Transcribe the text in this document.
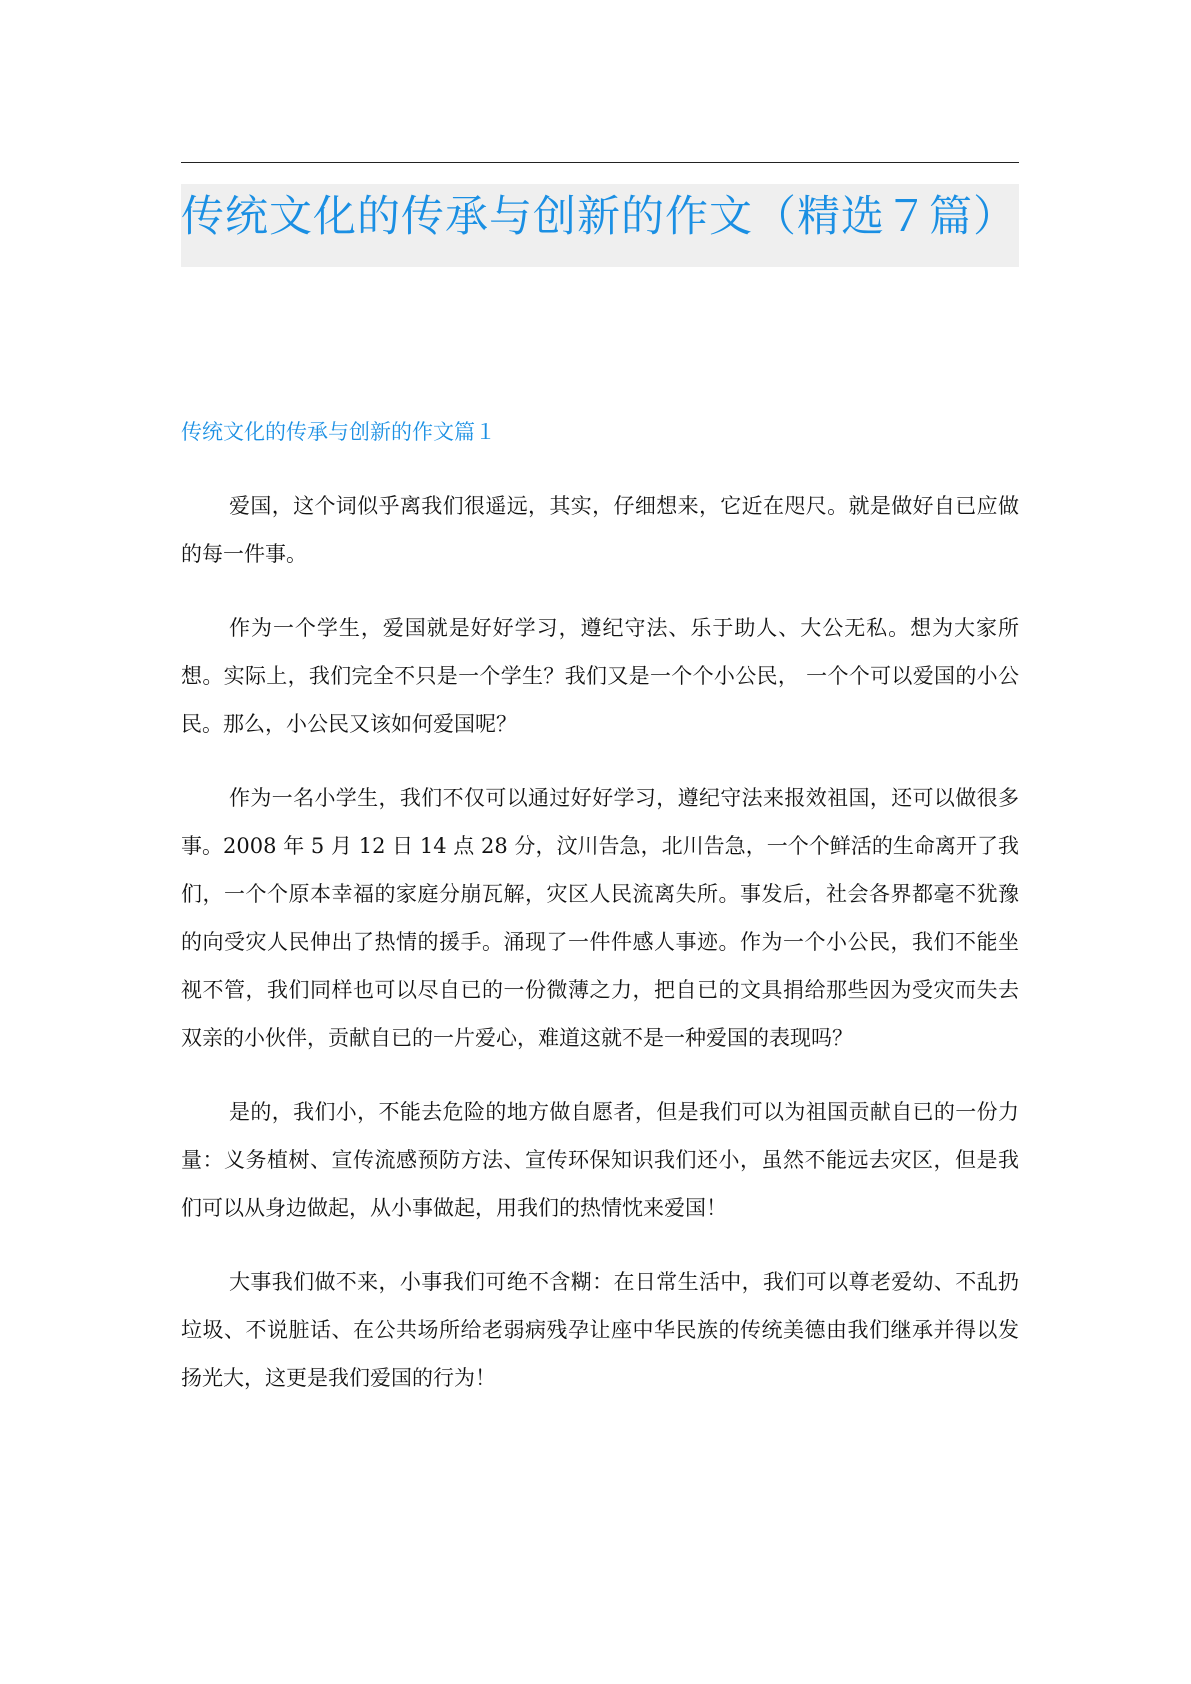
传统文化的传承与创新的作文（精选７篇）
传统文化的传承与创新的作文篇１

爱国，这个词似乎离我们很遥远，其实，仔细想来，它近在咫尺。就是做好自已应做的每一件事。

作为一个学生，爱国就是好好学习，遵纪守法、乐于助人、大公无私。想为大家所想。实际上，我们完全不只是一个学生？我们又是一个个小公民， 一个个可以爱国的小公民。那么，小公民又该如何爱国呢？

作为一名小学生，我们不仅可以通过好好学习，遵纪守法来报效祖国，还可以做很多事。2008 年 5 月 12 日 14 点 28 分，汶川告急，北川告急，一个个鲜活的生命离开了我们，一个个原本幸福的家庭分崩瓦解，灾区人民流离失所。事发后，社会各界都毫不犹豫的向受灾人民伸出了热情的援手。涌现了一件件感人事迹。作为一个小公民，我们不能坐视不管，我们同样也可以尽自已的一份微薄之力，把自已的文具捐给那些因为受灾而失去双亲的小伙伴，贡献自已的一片爱心，难道这就不是一种爱国的表现吗？

是的，我们小，不能去危险的地方做自愿者，但是我们可以为祖国贡献自已的一份力量：义务植树、宣传流感预防方法、宣传环保知识我们还小，虽然不能远去灾区，但是我们可以从身边做起，从小事做起，用我们的热情忱来爱国！

大事我们做不来，小事我们可绝不含糊：在日常生活中，我们可以尊老爱幼、不乱扔垃圾、不说脏话、在公共场所给老弱病残孕让座中华民族的传统美德由我们继承并得以发扬光大，这更是我们爱国的行为！
